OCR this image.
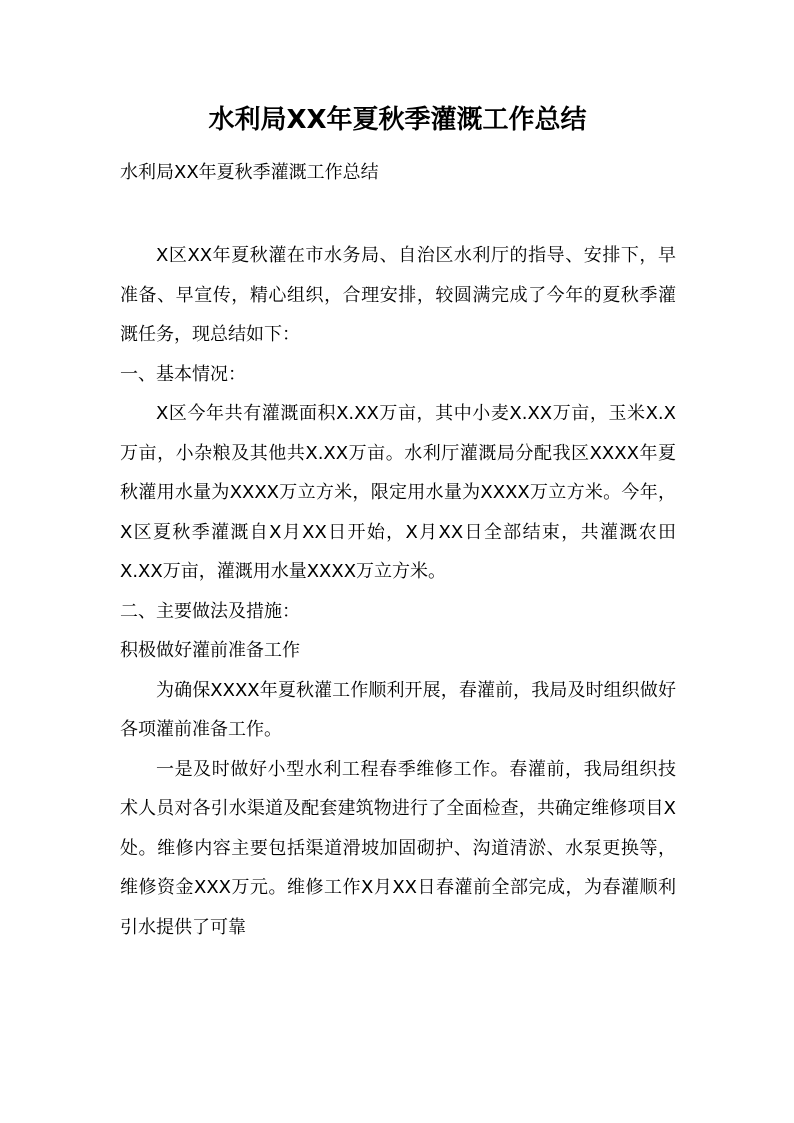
水利局XX年夏秋季灌溉工作总结

水利局XX年夏秋季灌溉工作总结

X区XX年夏秋灌在市水务局、自治区水利厅的指导、安排下，早准备、早宣传，精心组织，合理安排，较圆满完成了今年的夏秋季灌溉任务，现总结如下：

一、基本情况：

X区今年共有灌溉面积X.XX万亩，其中小麦X.XX万亩，玉米X.X万亩，小杂粮及其他共X.XX万亩。水利厅灌溉局分配我区XXXX年夏秋灌用水量为XXXX万立方米，限定用水量为XXXX万立方米。今年，X区夏秋季灌溉自X月XX日开始，X月XX日全部结束，共灌溉农田X.XX万亩，灌溉用水量XXXX万立方米。

二、主要做法及措施：

积极做好灌前准备工作

为确保XXXX年夏秋灌工作顺利开展，春灌前，我局及时组织做好各项灌前准备工作。

一是及时做好小型水利工程春季维修工作。春灌前，我局组织技术人员对各引水渠道及配套建筑物进行了全面检查，共确定维修项目X处。维修内容主要包括渠道滑坡加固砌护、沟道清淤、水泵更换等，维修资金XXX万元。维修工作X月XX日春灌前全部完成，为春灌顺利引水提供了可靠
